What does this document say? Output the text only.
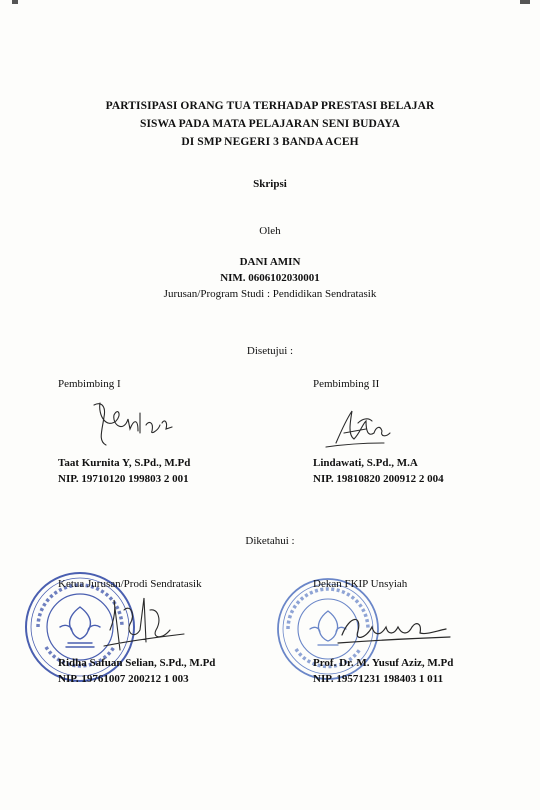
PARTISIPASI ORANG TUA TERHADAP PRESTASI BELAJAR
SISWA PADA MATA PELAJARAN SENI BUDAYA
DI SMP NEGERI 3 BANDA ACEH
Skripsi
Oleh
DANI AMIN
NIM. 0606102030001
Jurusan/Program Studi : Pendidikan Sendratasik
Disetujui :
Pembimbing I	Pembimbing II
Taat Kurnita Y, S.Pd., M.Pd
NIP. 19710120 199803 2 001
Lindawati, S.Pd., M.A
NIP. 19810820 200912 2 004
Diketahui :
Ketua Jurusan/Prodi Sendratasik	Dekan FKIP Unsyiah
Ridha Safuan Selian, S.Pd., M.Pd
NIP. 19761007 200212 1 003
Prof. Dr. M. Yusuf Aziz, M.Pd
NIP. 19571231 198403 1 011
